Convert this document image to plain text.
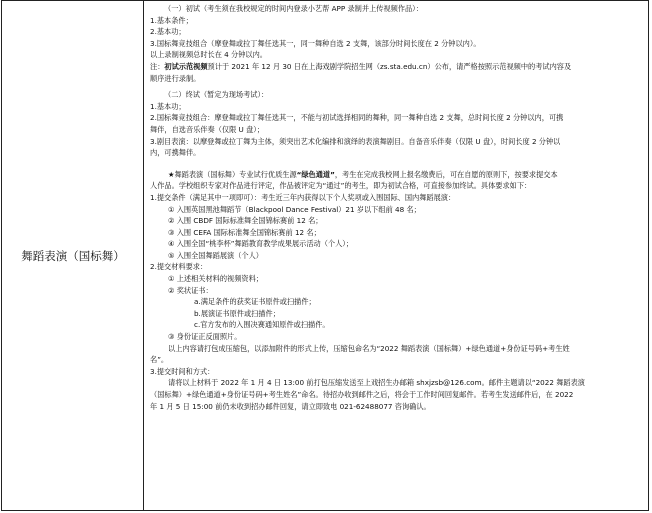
舞蹈表演（国标舞）
（一）初试（考生须在我校规定的时间内登录小艺帮 APP 录制并上传视频作品）：
1.基本条件；
2.基本功；
3.国标舞竞技组合（摩登舞或拉丁舞任选其一，同一舞种自选 2 支舞，该部分时间长度在 2 分钟以内）。
以上录制视频总时长在 4 分钟以内。
注：初试示范视频预计于 2021 年 12 月 30 日在上海戏剧学院招生网（zs.sta.edu.cn）公布，请严格按照示范视频中的考试内容及
顺序进行录制。
（二）终试（暂定为现场考试）：
1.基本功；
2.国标舞竞技组合：摩登舞或拉丁舞任选其一，不能与初试选择相同的舞种，同一舞种自选 2 支舞，总时间长度 2 分钟以内，可携
舞伴，自选音乐伴奏（仅限 U 盘）；
3.剧目表演：以摩登舞或拉丁舞为主体，须突出艺术化编排和演绎的表演舞剧目。自备音乐伴奏（仅限 U 盘），时间长度 2 分钟以
内，可携舞伴。
★舞蹈表演（国标舞）专业试行优质生源“绿色通道”，考生在完成我校网上报名缴费后，可在自愿的原则下，按要求提交本
人作品。学校组织专家对作品进行评定，作品被评定为“通过”的考生，即为初试合格，可直接参加终试。具体要求如下：
1.提交条件（满足其中一项即可）：考生近三年内获得以下个人奖项或入围国际、国内舞蹈展演：
① 入围英国黑池舞蹈节（Blackpool Dance Festival）21 岁以下组前 48 名；
② 入围 CBDF 国际标准舞全国锦标赛前 12 名；
③ 入围 CEFA 国际标准舞全国锦标赛前 12 名；
④ 入围全国“桃李杯”舞蹈教育教学成果展示活动（个人）；
⑤ 入围全国舞蹈展演（个人）
2.提交材料要求：
① 上述相关材料的视频资料；
② 奖状证书：
a.满足条件的获奖证书原件或扫描件；
b.展演证书原件或扫描件；
c.官方发布的入围决赛通知原件或扫描件。
③ 身份证正反面照片。
以上内容请打包成压缩包，以添加附件的形式上传，压缩包命名为“2022 舞蹈表演（国标舞）+绿色通道+身份证号码+考生姓
名”。
3.提交时间和方式：
请将以上材料于 2022 年 1 月 4 日 13:00 前打包压缩发送至上戏招生办邮箱 shxjzsb@126.com。邮件主题请以“2022 舞蹈表演
（国标舞）+绿色通道+身份证号码+考生姓名”命名。待招办收到邮件之后，将会于工作时间回复邮件。若考生发送邮件后，在 2022
年 1 月 5 日 15:00 前仍未收到招办邮件回复，请立即致电 021-62488077 咨询确认。
